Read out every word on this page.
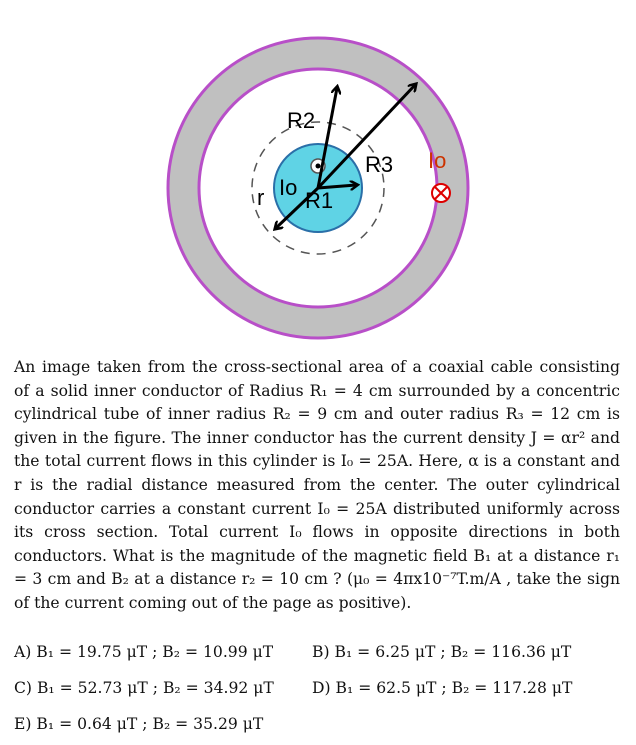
R2
R3
R1
Io
r
Io

An image taken from the cross-sectional area of a coaxial cable consisting of a solid inner conductor of Radius R₁ = 4 cm surrounded by a concentric cylindrical tube of inner radius R₂ = 9 cm and outer radius R₃ = 12 cm is given in the figure. The inner conductor has the current density J = αr² and the total current flows in this cylinder is I₀ = 25A. Here, α is a constant and r is the radial distance measured from the center. The outer cylindrical conductor carries a constant current I₀ = 25A distributed uniformly across its cross section. Total current I₀ flows in opposite directions in both conductors. What is the magnitude of the magnetic field B₁ at a distance r₁ = 3 cm and B₂ at a distance r₂ = 10 cm ? (μ₀ = 4πx10⁻⁷T.m/A , take the sign of the current coming out of the page as positive).

A) B₁ = 19.75 μT ; B₂ = 10.99 μT B) B₁ = 6.25 μT ; B₂ = 116.36 μT
C) B₁ = 52.73 μT ; B₂ = 34.92 μT D) B₁ = 62.5 μT ; B₂ = 117.28 μT
E) B₁ = 0.64 μT ; B₂ = 35.29 μT
